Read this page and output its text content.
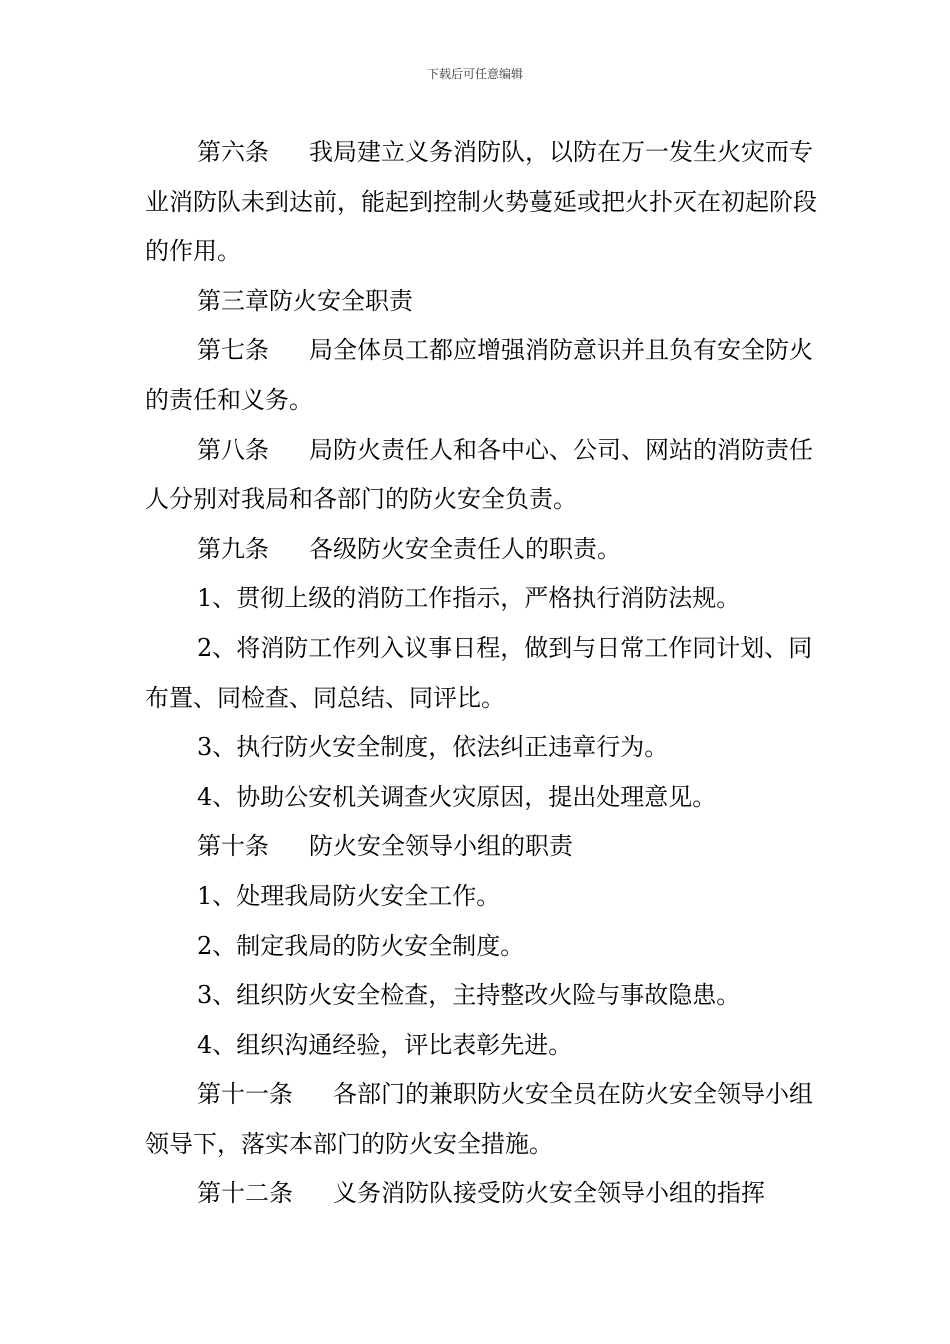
下载后可任意编辑

第六条 我局建立义务消防队，以防在万一发生火灾而专业消防队未到达前，能起到控制火势蔓延或把火扑灭在初起阶段的作用。

第三章防火安全职责

第七条 局全体员工都应增强消防意识并且负有安全防火的责任和义务。

第八条 局防火责任人和各中心、公司、网站的消防责任人分别对我局和各部门的防火安全负责。

第九条 各级防火安全责任人的职责。

1、贯彻上级的消防工作指示，严格执行消防法规。

2、将消防工作列入议事日程，做到与日常工作同计划、同布置、同检查、同总结、同评比。

3、执行防火安全制度，依法纠正违章行为。

4、协助公安机关调查火灾原因，提出处理意见。

第十条 防火安全领导小组的职责

1、处理我局防火安全工作。

2、制定我局的防火安全制度。

3、组织防火安全检查，主持整改火险与事故隐患。

4、组织沟通经验，评比表彰先进。

第十一条 各部门的兼职防火安全员在防火安全领导小组领导下，落实本部门的防火安全措施。

第十二条 义务消防队接受防火安全领导小组的指挥
